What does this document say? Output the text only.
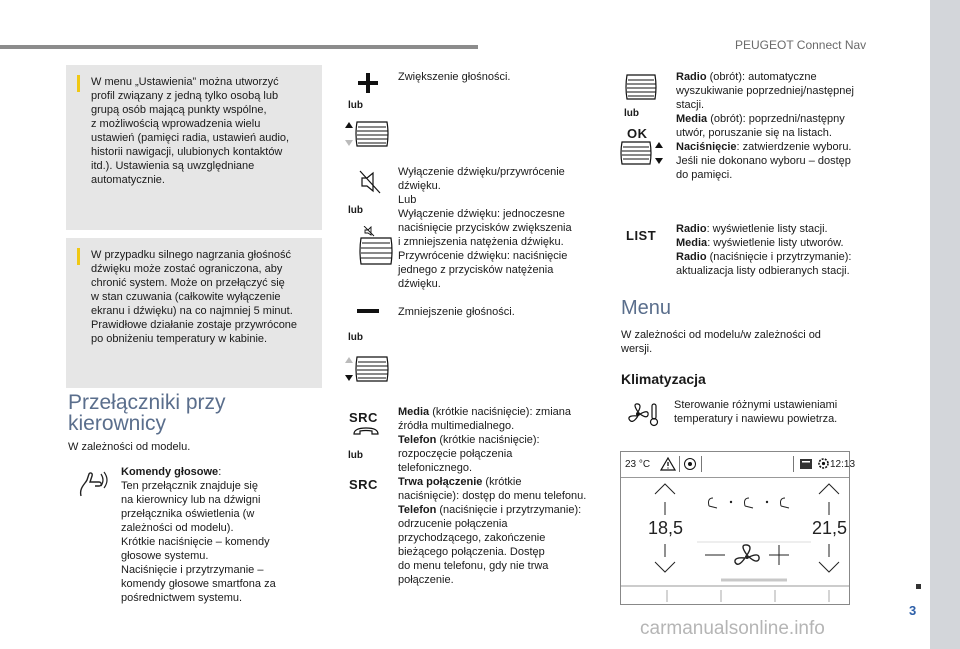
PEUGEOT Connect Nav
3
carmanualsonline.info

W menu „Ustawienia” można utworzyć
profil związany z jedną tylko osobą lub
grupą osób mającą punkty wspólne,
z możliwością wprowadzenia wielu
ustawień (pamięci radia, ustawień audio,
historii nawigacji, ulubionych kontaktów
itd.). Ustawienia są uwzględniane
automatycznie.

W przypadku silnego nagrzania głośność
dźwięku może zostać ograniczona, aby
chronić system. Może on przełączyć się
w stan czuwania (całkowite wyłączenie
ekranu i dźwięku) na co najmniej 5 minut.
Prawidłowe działanie zostaje przywrócone
po obniżeniu temperatury w kabinie.

Przełączniki przy
kierownicy

W zależności od modelu.

Komendy głosowe:

Ten przełącznik znajduje się
na kierownicy lub na dźwigni
przełącznika oświetlenia (w
zależności od modelu).
Krótkie naciśnięcie – komendy
głosowe systemu.
Naciśnięcie i przytrzymanie –
komendy głosowe smartfona za
pośrednictwem systemu.

lub

Zwiększenie głośności.

lub

Wyłączenie dźwięku/przywrócenie
dźwięku.
Lub
Wyłączenie dźwięku: jednoczesne
naciśnięcie przycisków zwiększenia
i zmniejszenia natężenia dźwięku.
Przywrócenie dźwięku: naciśnięcie
jednego z przycisków natężenia
dźwięku.

lub

Zmniejszenie głośności.

SRC
lub
SRC

Media (krótkie naciśnięcie): zmiana
źródła multimedialnego.
Telefon (krótkie naciśnięcie):
rozpoczęcie połączenia
telefonicznego.
Trwa połączenie (krótkie
naciśnięcie): dostęp do menu telefonu.
Telefon (naciśnięcie i przytrzymanie):
odrzucenie połączenia
przychodzącego, zakończenie
bieżącego połączenia. Dostęp
do menu telefonu, gdy nie trwa
połączenie.

lub
OK

Radio (obrót): automatyczne
wyszukiwanie poprzedniej/następnej
stacji.
Media (obrót): poprzedni/następny
utwór, poruszanie się na listach.
Naciśnięcie: zatwierdzenie wyboru.
Jeśli nie dokonano wyboru – dostęp
do pamięci.

LIST Radio: wyświetlenie listy stacji.
Media: wyświetlenie listy utworów.
Radio (naciśnięcie i przytrzymanie):
aktualizacja listy odbieranych stacji.

Menu

W zależności od modelu/w zależności od
wersji.

Klimatyzacja

Sterowanie różnymi ustawieniami
temperatury i nawiewu powietrza.

23 °C	12:13
18,5	21,5
